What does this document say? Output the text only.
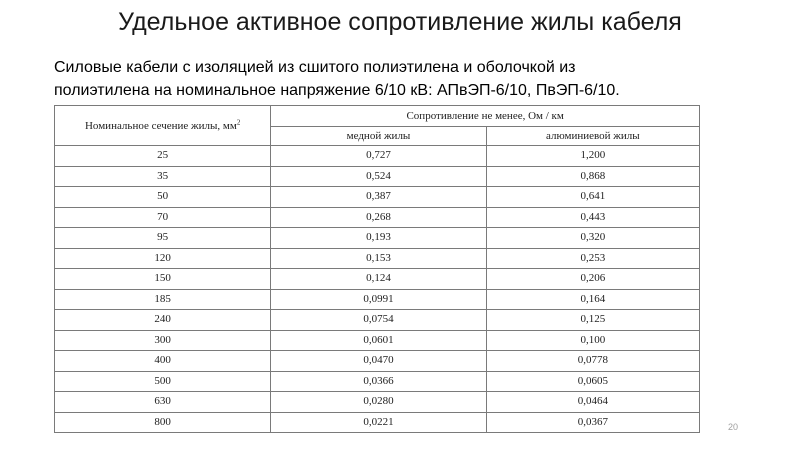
Удельное активное сопротивление жилы кабеля
Силовые кабели с изоляцией из сшитого полиэтилена и оболочкой из
полиэтилена на номинальное напряжение 6/10 кВ: АПвЭП-6/10, ПвЭП-6/10.
Номинальное сечение жилы, $мм^2$	Сопротивление не менее, Ом / км	
	медной жилы	алюминиевой жилы
25	0,727	1,200
35	0,524	0,868
50	0,387	0,641
70	0,268	0,443
95	0,193	0,320
120	0,153	0,253
150	0,124	0,206
185	0,0991	0,164
240	0,0754	0,125
300	0,0601	0,100
400	0,0470	0,0778
500	0,0366	0,0605
630	0,0280	0,0464
800	0,0221	0,0367	20
